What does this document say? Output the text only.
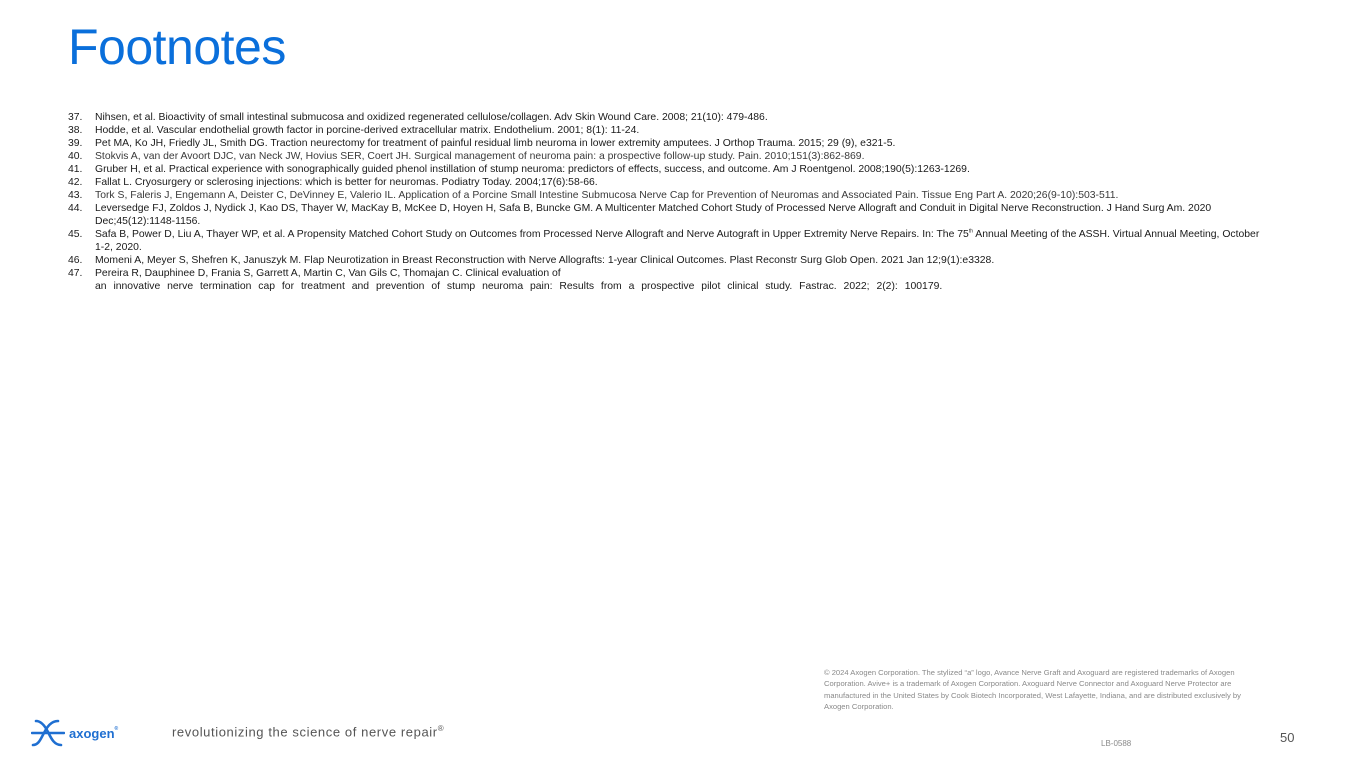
Footnotes
37.	Nihsen, et al. Bioactivity of small intestinal submucosa and oxidized regenerated cellulose/collagen. Adv Skin Wound Care. 2008; 21(10): 479-486.
38.	Hodde, et al. Vascular endothelial growth factor in porcine-derived extracellular matrix. Endothelium. 2001; 8(1): 11-24.
39.	Pet MA, Ko JH, Friedly JL, Smith DG. Traction neurectomy for treatment of painful residual limb neuroma in lower extremity amputees. J Orthop Trauma. 2015; 29 (9), e321-5.
40.	Stokvis A, van der Avoort DJC, van Neck JW, Hovius SER, Coert JH. Surgical management of neuroma pain: a prospective follow-up study. Pain. 2010;151(3):862-869.
41.	Gruber H, et al. Practical experience with sonographically guided phenol instillation of stump neuroma: predictors of effects, success, and outcome. Am J Roentgenol. 2008;190(5):1263-1269.
42.	Fallat L. Cryosurgery or sclerosing injections: which is better for neuromas. Podiatry Today. 2004;17(6):58-66.
43.	Tork S, Faleris J, Engemann A, Deister C, DeVinney E, Valerio IL. Application of a Porcine Small Intestine Submucosa Nerve Cap for Prevention of Neuromas and Associated Pain. Tissue Eng Part A. 2020;26(9-10):503-511.
44.	Leversedge FJ, Zoldos J, Nydick J, Kao DS, Thayer W, MacKay B, McKee D, Hoyen H, Safa B, Buncke GM. A Multicenter Matched Cohort Study of Processed Nerve Allograft and Conduit in Digital Nerve Reconstruction. J Hand Surg Am. 2020 Dec;45(12):1148-1156.
45.	Safa B, Power D, Liu A, Thayer WP, et al. A Propensity Matched Cohort Study on Outcomes from Processed Nerve Allograft and Nerve Autograft in Upper Extremity Nerve Repairs. In: The 75th Annual Meeting of the ASSH. Virtual Annual Meeting, October 1-2, 2020.
46.	Momeni A, Meyer S, Shefren K, Januszyk M. Flap Neurotization in Breast Reconstruction with Nerve Allografts: 1-year Clinical Outcomes. Plast Reconstr Surg Glob Open. 2021 Jan 12;9(1):e3328.
47.	Pereira R, Dauphinee D, Frania S, Garrett A, Martin C, Van Gils C, Thomajan C. Clinical evaluation of
an innovative nerve termination cap for treatment and prevention of stump neuroma pain: Results from a prospective pilot clinical study. Fastrac. 2022; 2(2): 100179.
© 2024 Axogen Corporation. The stylized “a” logo, Avance Nerve Graft and Axoguard are registered trademarks of Axogen Corporation. Avive+ is a trademark of Axogen Corporation. Axoguard Nerve Connector and Axoguard Nerve Protector are manufactured in the United States by Cook Biotech Incorporated, West Lafayette, Indiana, and are distributed exclusively by Axogen Corporation.
axogen®	revolutionizing the science of nerve repair®
LB-0588	50
